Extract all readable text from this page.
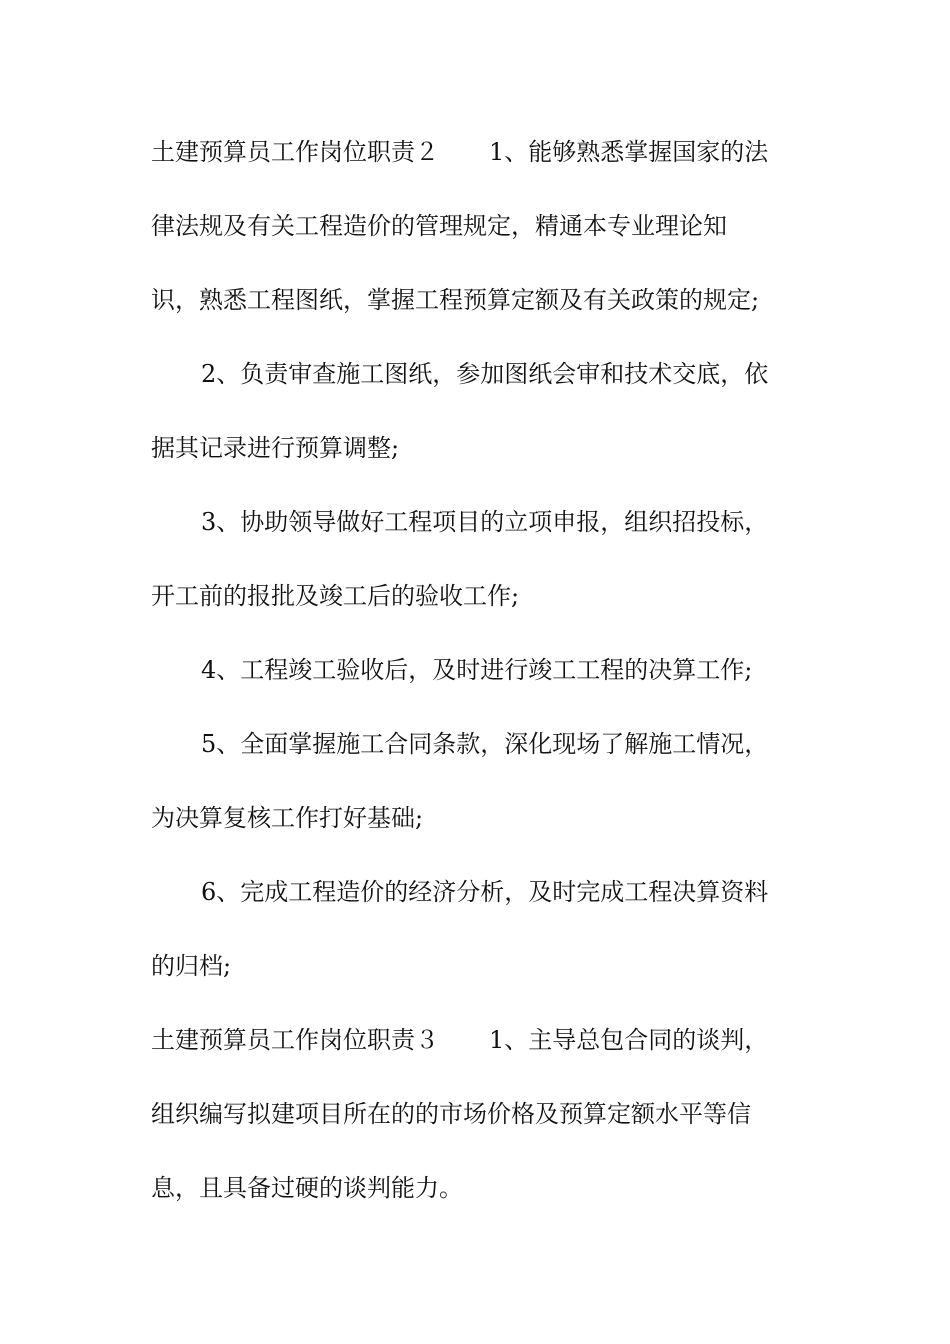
土建预算员工作岗位职责２ 1、能够熟悉掌握国家的法
律法规及有关工程造价的管理规定，精通本专业理论知
识，熟悉工程图纸，掌握工程预算定额及有关政策的规定;
2、负责审查施工图纸，参加图纸会审和技术交底，依
据其记录进行预算调整;
3、协助领导做好工程项目的立项申报，组织招投标，
开工前的报批及竣工后的验收工作;
4、工程竣工验收后，及时进行竣工工程的决算工作;
5、全面掌握施工合同条款，深化现场了解施工情况，
为决算复核工作打好基础;
6、完成工程造价的经济分析，及时完成工程决算资料
的归档;
土建预算员工作岗位职责３ 1、主导总包合同的谈判，
组织编写拟建项目所在的的市场价格及预算定额水平等信
息，且具备过硬的谈判能力。
